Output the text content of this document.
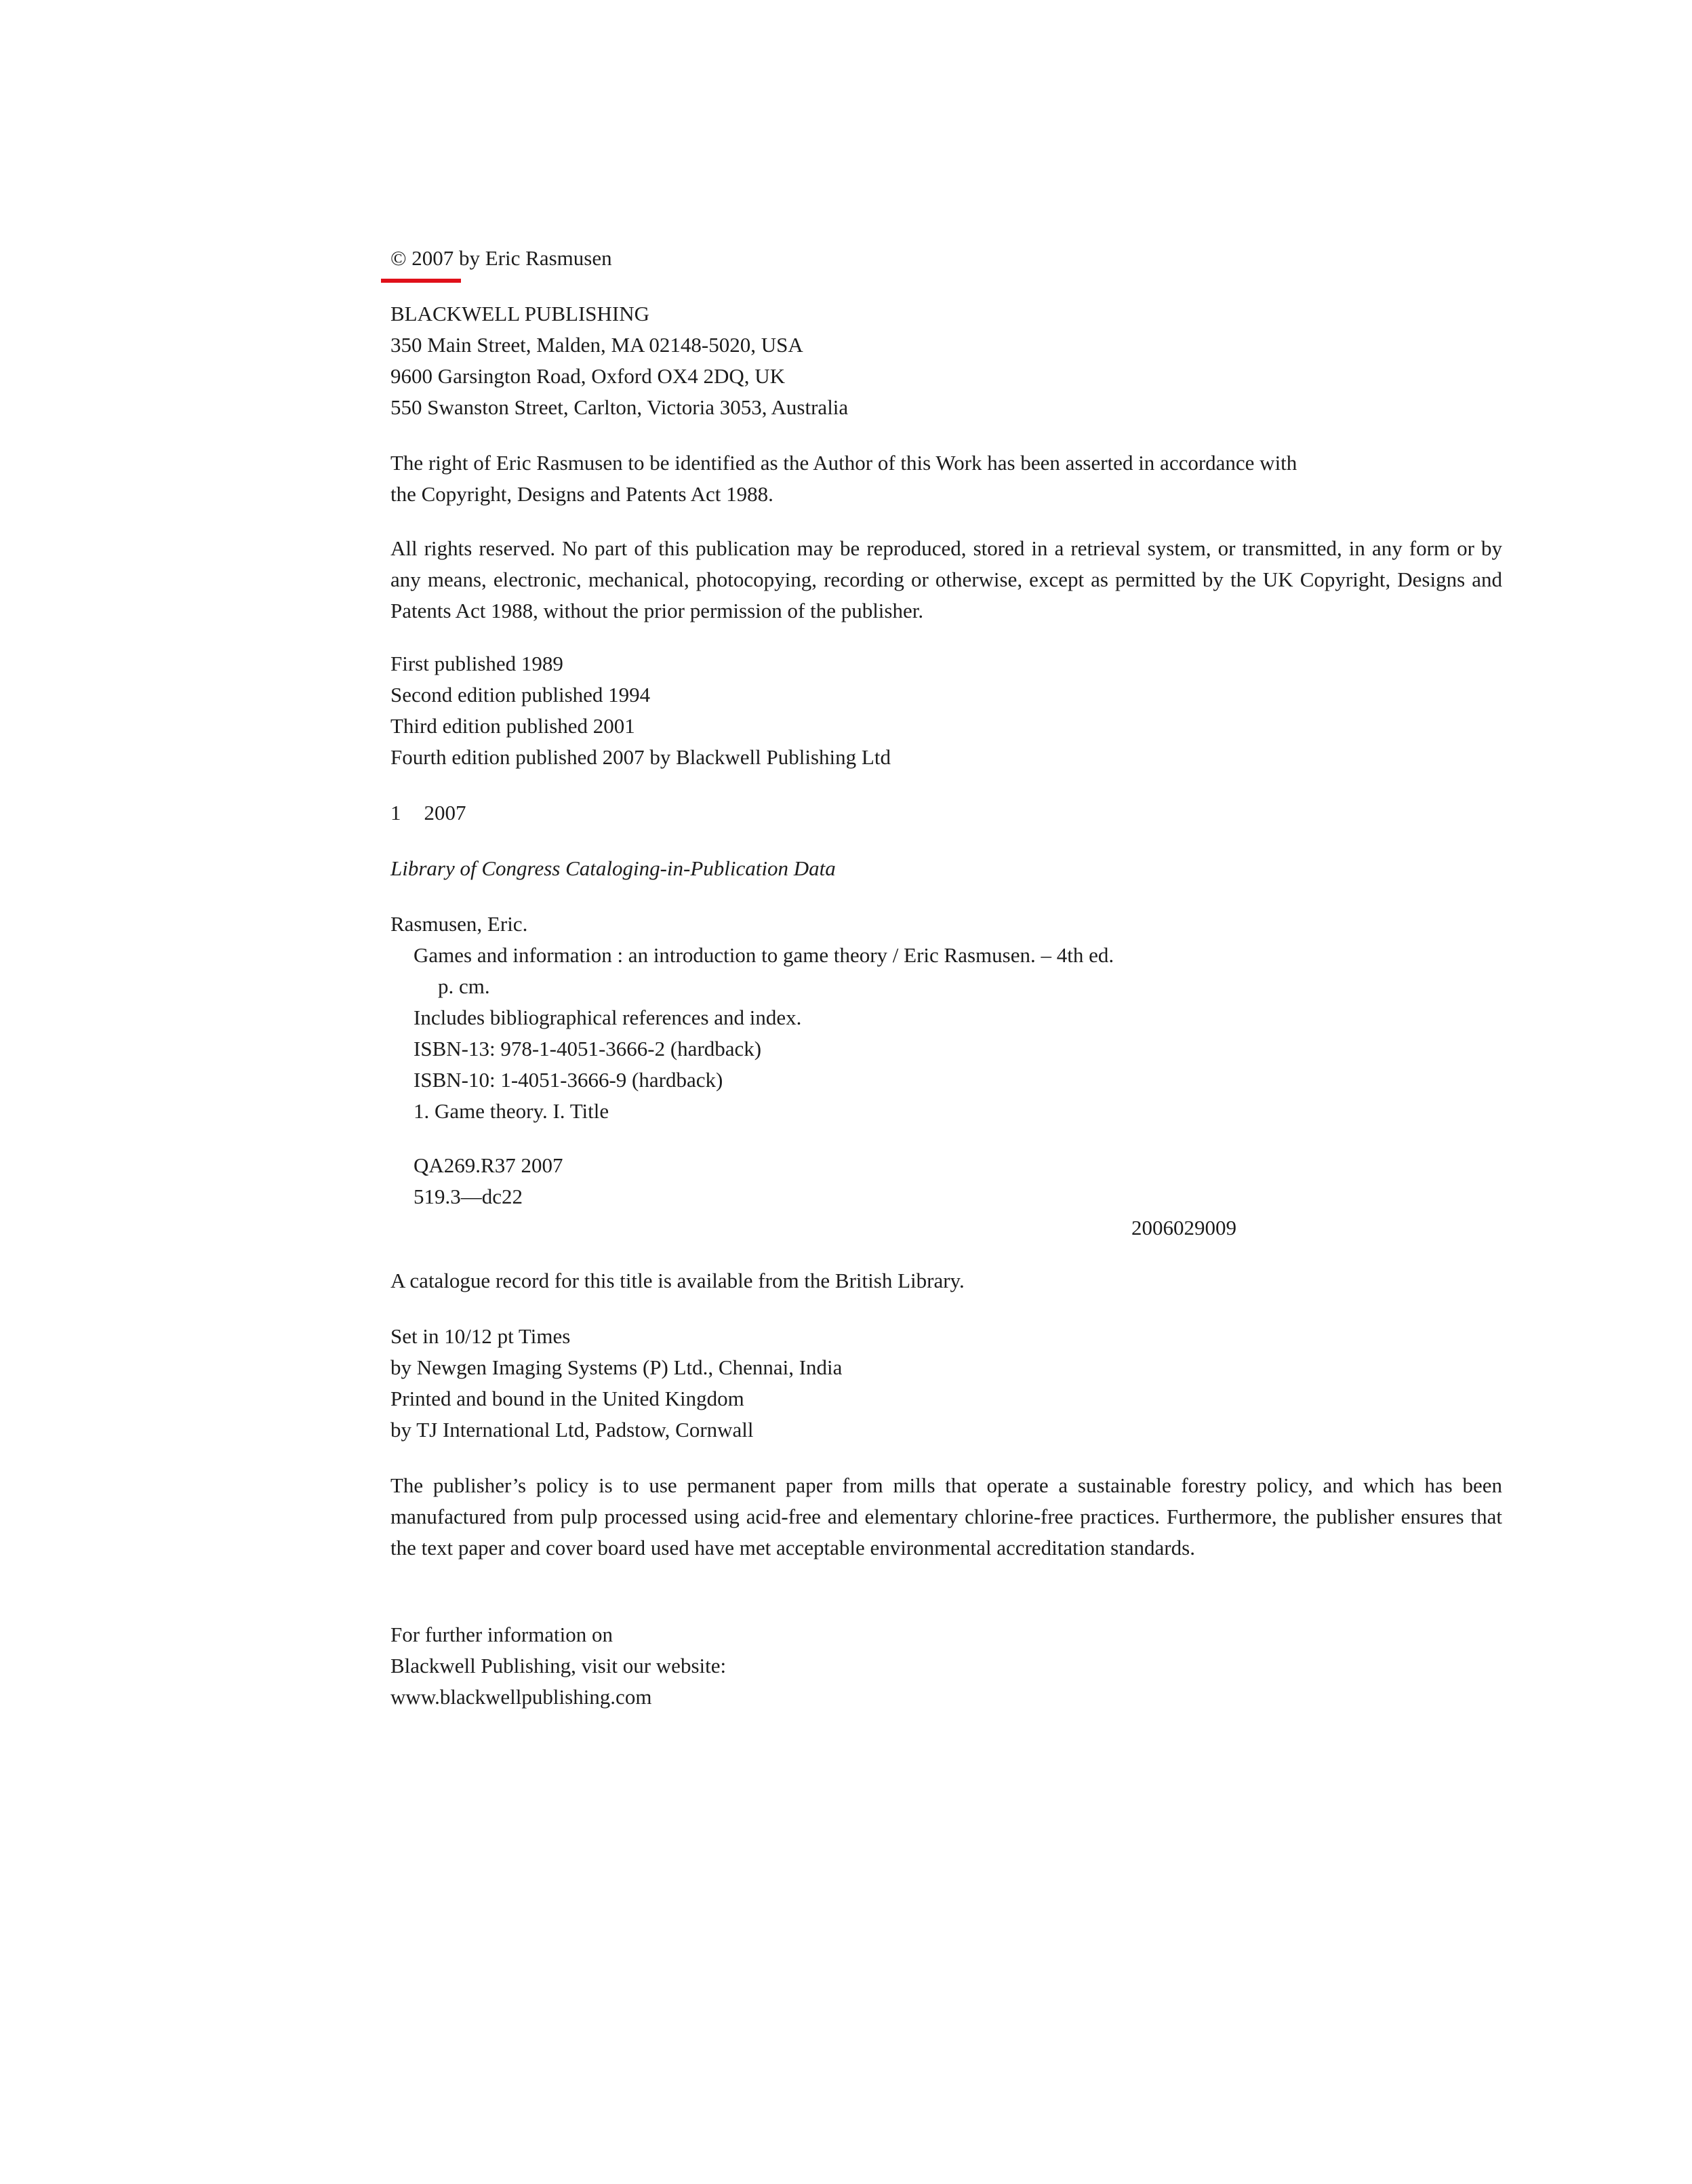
© 2007 by Eric Rasmusen
BLACKWELL PUBLISHING
350 Main Street, Malden, MA 02148-5020, USA
9600 Garsington Road, Oxford OX4 2DQ, UK
550 Swanston Street, Carlton, Victoria 3053, Australia
The right of Eric Rasmusen to be identified as the Author of this Work has been asserted in accordance with
the Copyright, Designs and Patents Act 1988.
All rights reserved. No part of this publication may be reproduced, stored in a retrieval system, or transmitted, in any form or by any means, electronic, mechanical, photocopying, recording or otherwise, except as permitted by the UK Copyright, Designs and Patents Act 1988, without the prior permission of the publisher.
First published 1989
Second edition published 1994
Third edition published 2001
Fourth edition published 2007 by Blackwell Publishing Ltd
1 2007
Library of Congress Cataloging-in-Publication Data
Rasmusen, Eric.
Games and information : an introduction to game theory / Eric Rasmusen. – 4th ed.
p. cm.
Includes bibliographical references and index.
ISBN-13: 978-1-4051-3666-2 (hardback)
ISBN-10: 1-4051-3666-9 (hardback)
1. Game theory. I. Title
QA269.R37 2007
519.3—dc22
2006029009
A catalogue record for this title is available from the British Library.
Set in 10/12 pt Times
by Newgen Imaging Systems (P) Ltd., Chennai, India
Printed and bound in the United Kingdom
by TJ International Ltd, Padstow, Cornwall
The publisher’s policy is to use permanent paper from mills that operate a sustainable forestry policy, and which has been manufactured from pulp processed using acid-free and elementary chlorine-free practices. Furthermore, the publisher ensures that the text paper and cover board used have met acceptable environmental accreditation standards.
For further information on
Blackwell Publishing, visit our website:
www.blackwellpublishing.com
